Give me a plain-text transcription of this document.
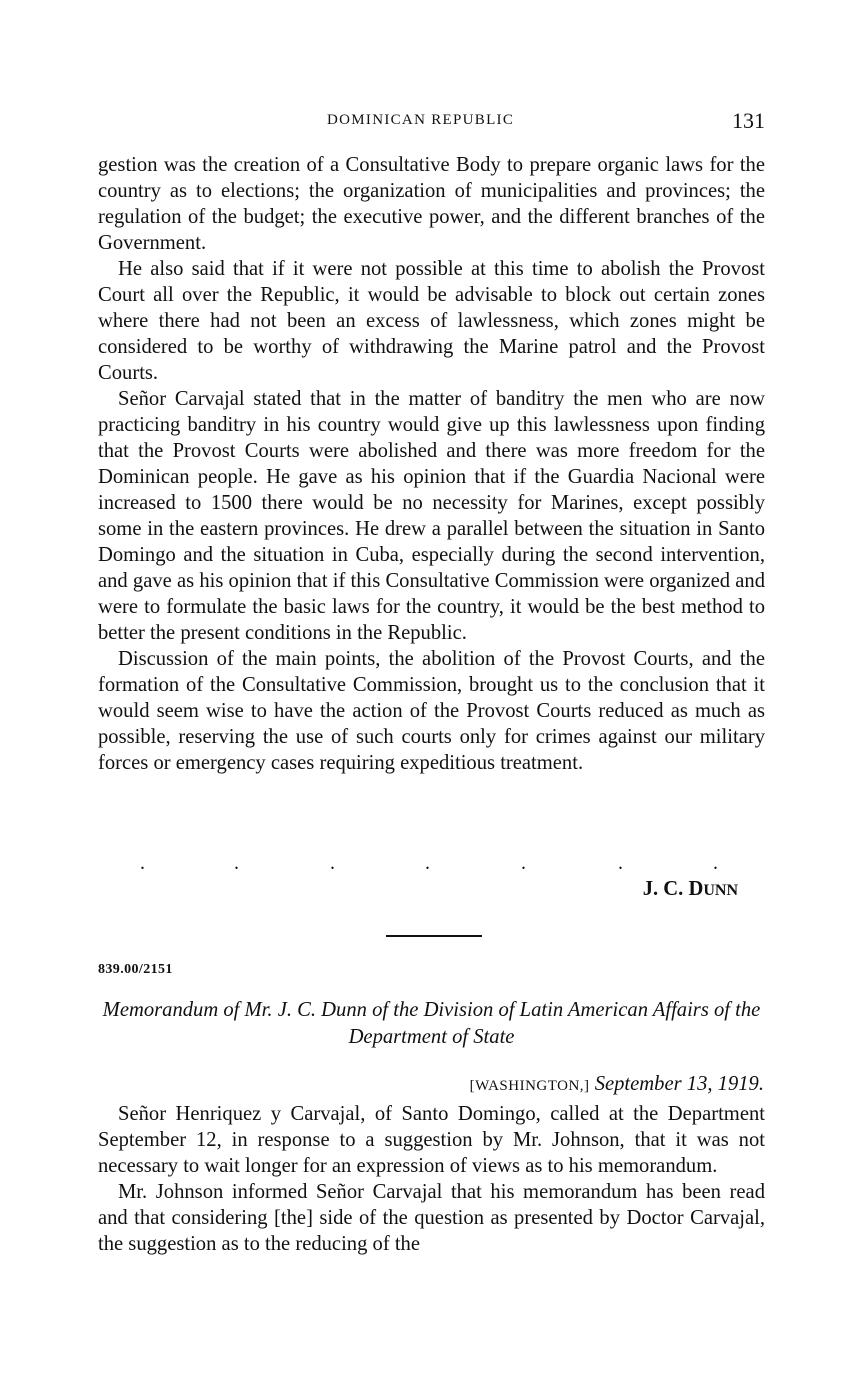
DOMINICAN REPUBLIC	131

gestion was the creation of a Consultative Body to prepare organic laws for the country as to elections; the organization of municipalities and provinces; the regulation of the budget; the executive power, and the different branches of the Government.

He also said that if it were not possible at this time to abolish the Provost Court all over the Republic, it would be advisable to block out certain zones where there had not been an excess of lawlessness, which zones might be considered to be worthy of withdrawing the Marine patrol and the Provost Courts.

Señor Carvajal stated that in the matter of banditry the men who are now practicing banditry in his country would give up this lawlessness upon finding that the Provost Courts were abolished and there was more freedom for the Dominican people. He gave as his opinion that if the Guardia Nacional were increased to 1500 there would be no necessity for Marines, except possibly some in the eastern provinces. He drew a parallel between the situation in Santo Domingo and the situation in Cuba, especially during the second intervention, and gave as his opinion that if this Consultative Commission were organized and were to formulate the basic laws for the country, it would be the best method to better the present conditions in the Republic.

Discussion of the main points, the abolition of the Provost Courts, and the formation of the Consultative Commission, brought us to the conclusion that it would seem wise to have the action of the Provost Courts reduced as much as possible, reserving the use of such courts only for crimes against our military forces or emergency cases requiring expeditious treatment.

.	.	.	.	.	.	.
J. C. DUNN
839.00/2151
Memorandum of Mr. J. C. Dunn of the Division of Latin American Affairs of the Department of State
[WASHINGTON,] September 13, 1919.

Señor Henriquez y Carvajal, of Santo Domingo, called at the Department September 12, in response to a suggestion by Mr. Johnson, that it was not necessary to wait longer for an expression of views as to his memorandum.

Mr. Johnson informed Señor Carvajal that his memorandum has been read and that considering [the] side of the question as presented by Doctor Carvajal, the suggestion as to the reducing of the
